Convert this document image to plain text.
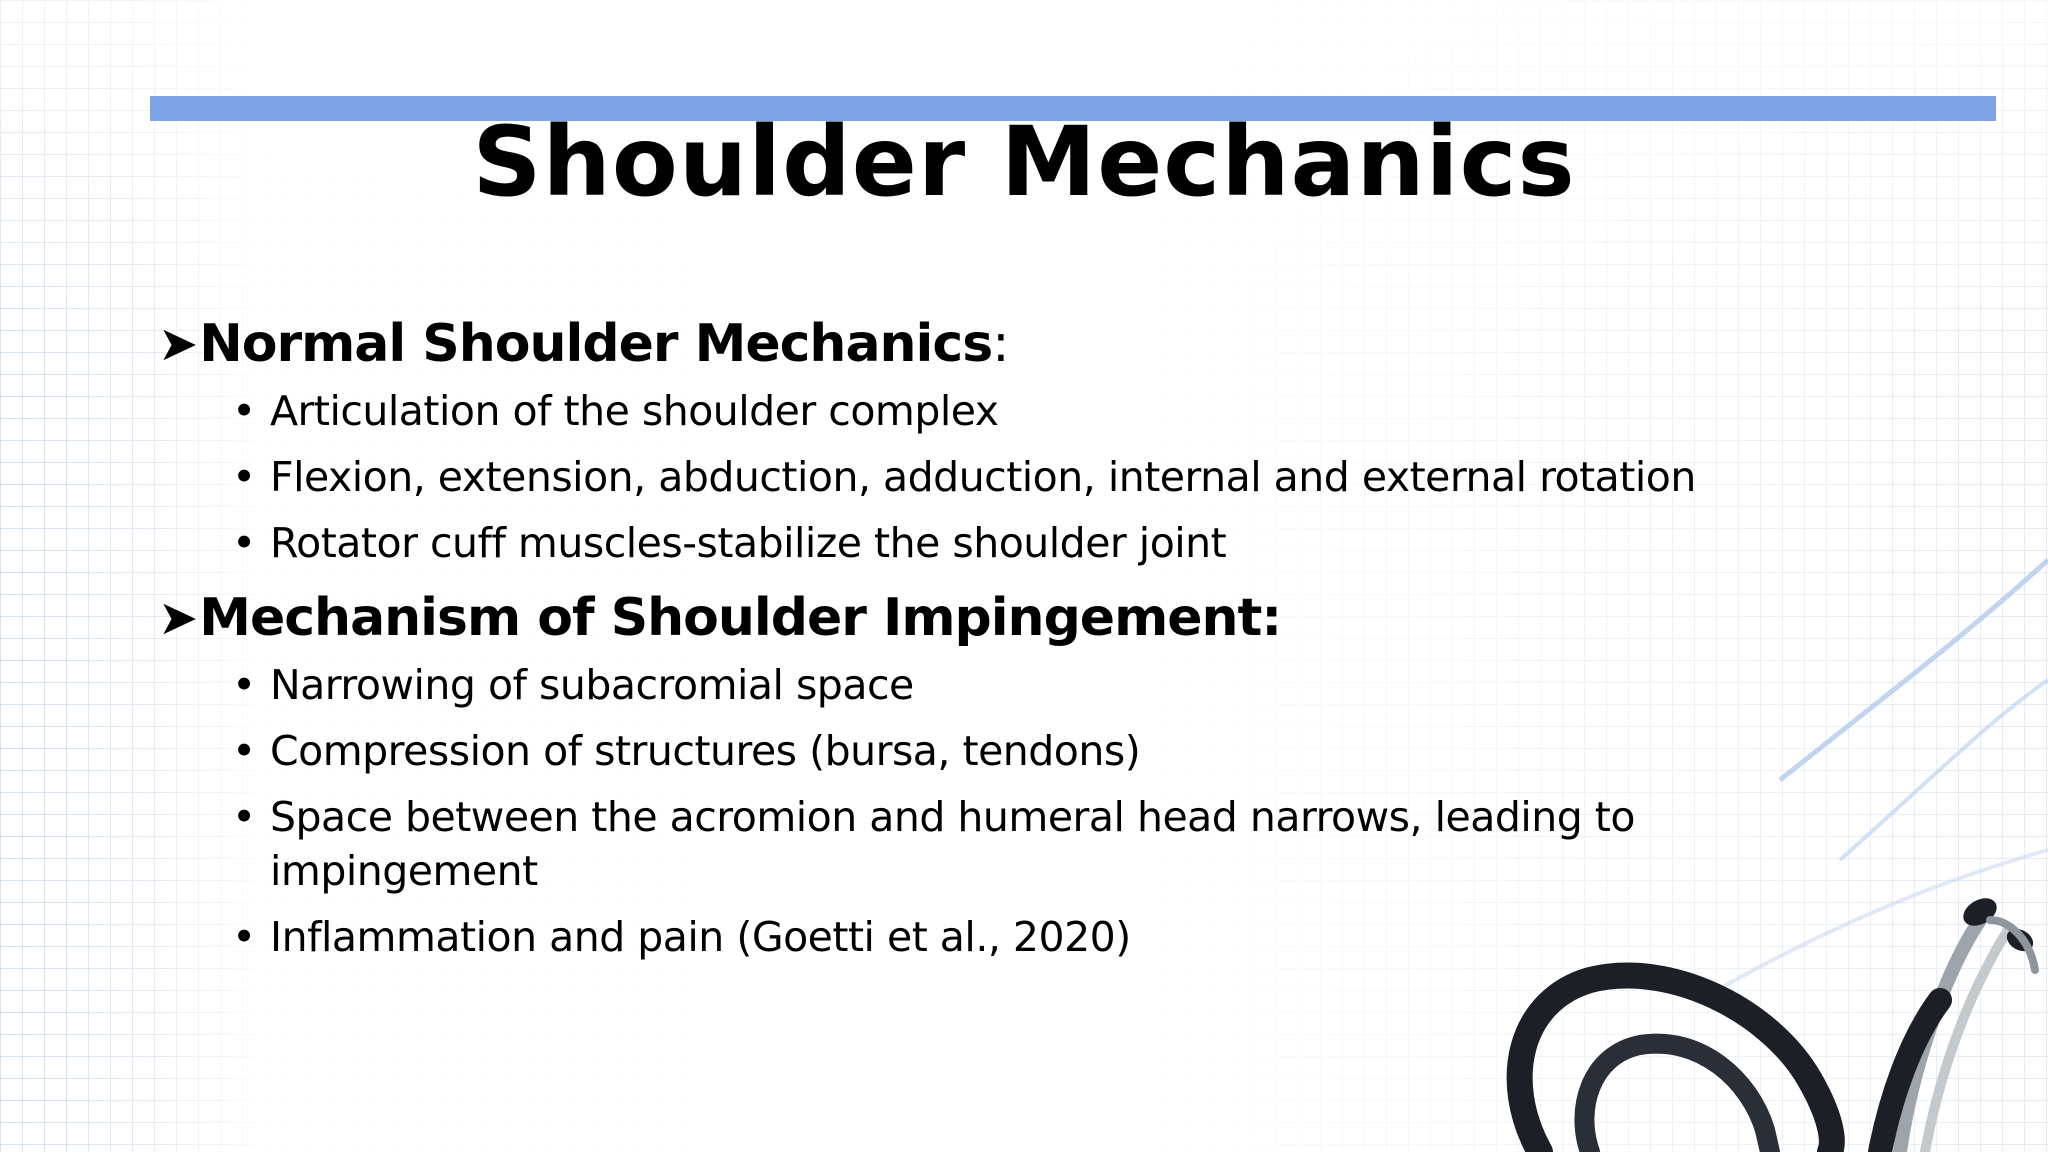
Shoulder Mechanics
➤ Normal Shoulder Mechanics :
• Articulation of the shoulder complex
• Flexion, extension, abduction, adduction, internal and external rotation
• Rotator cuff muscles-stabilize the shoulder joint
➤ Mechanism of Shoulder Impingement:
• Narrowing of subacromial space
• Compression of structures (bursa, tendons)
• Space between the acromion and humeral head narrows, leading to impingement
• Inflammation and pain (Goetti et al., 2020)
